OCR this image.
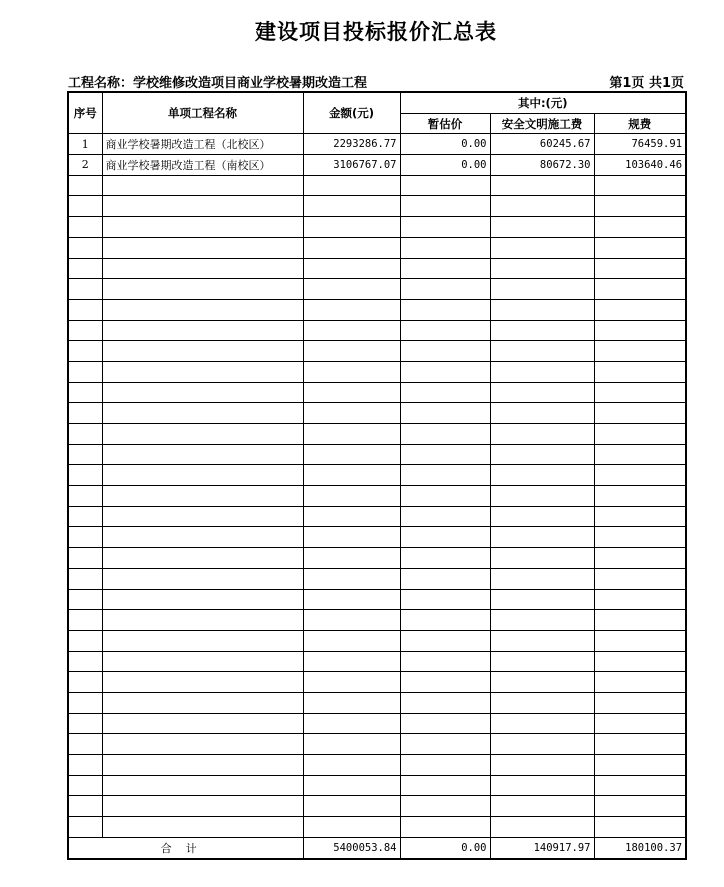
建设项目投标报价汇总表
工程名称：学校维修改造项目商业学校暑期改造工程	第1页 共1页
序号	单项工程名称	金额(元)	其中:(元)		
			暂估价	安全文明施工费	规费
1	商业学校暑期改造工程（北校区）	2293286.77	0.00	60245.67	76459.91
2	商业学校暑期改造工程（南校区）	3106767.07	0.00	80672.30	103640.46

合计		5400053.84	0.00	140917.97	180100.37
